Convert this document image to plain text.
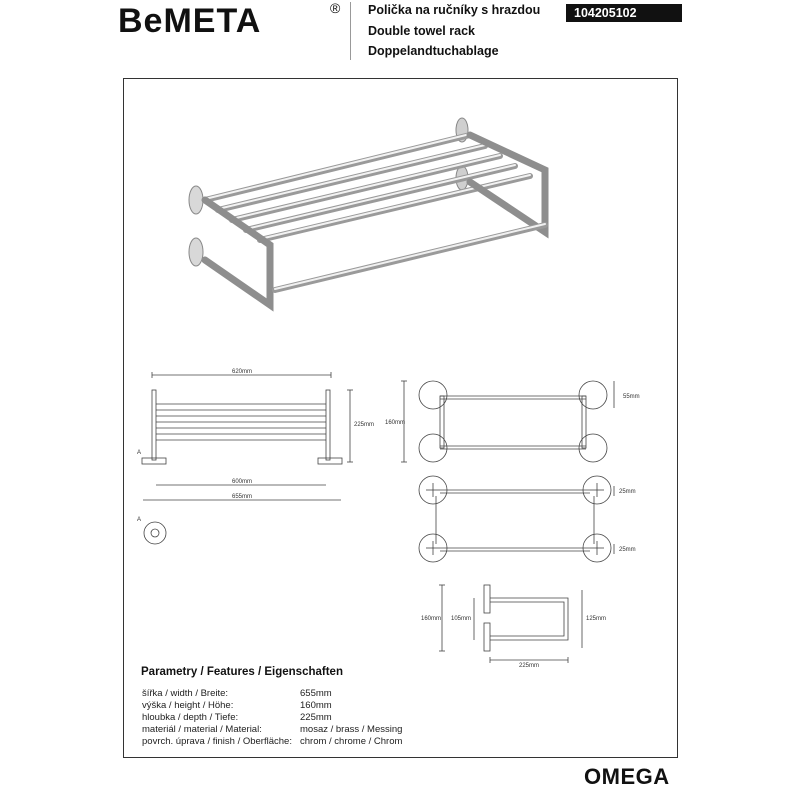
BeMETA	® Polička na ručníky s hrazdou
Double towel rack
Doppelandtuchablage
104205102
620mm
225mm
600mm
655mm
A
A
160mm
55mm
25mm
25mm
160mm 105mm	125mm
225mm
Parametry / Features / Eigenschaften
šířka / width / Breite:	655mm
výška / height / Höhe:	160mm
hloubka / depth / Tiefe:	225mm
materiál / material / Material:	mosaz / brass / Messing
povrch. úprava / finish / Oberfläche: chrom / chrome / Chrom
OMEGA
